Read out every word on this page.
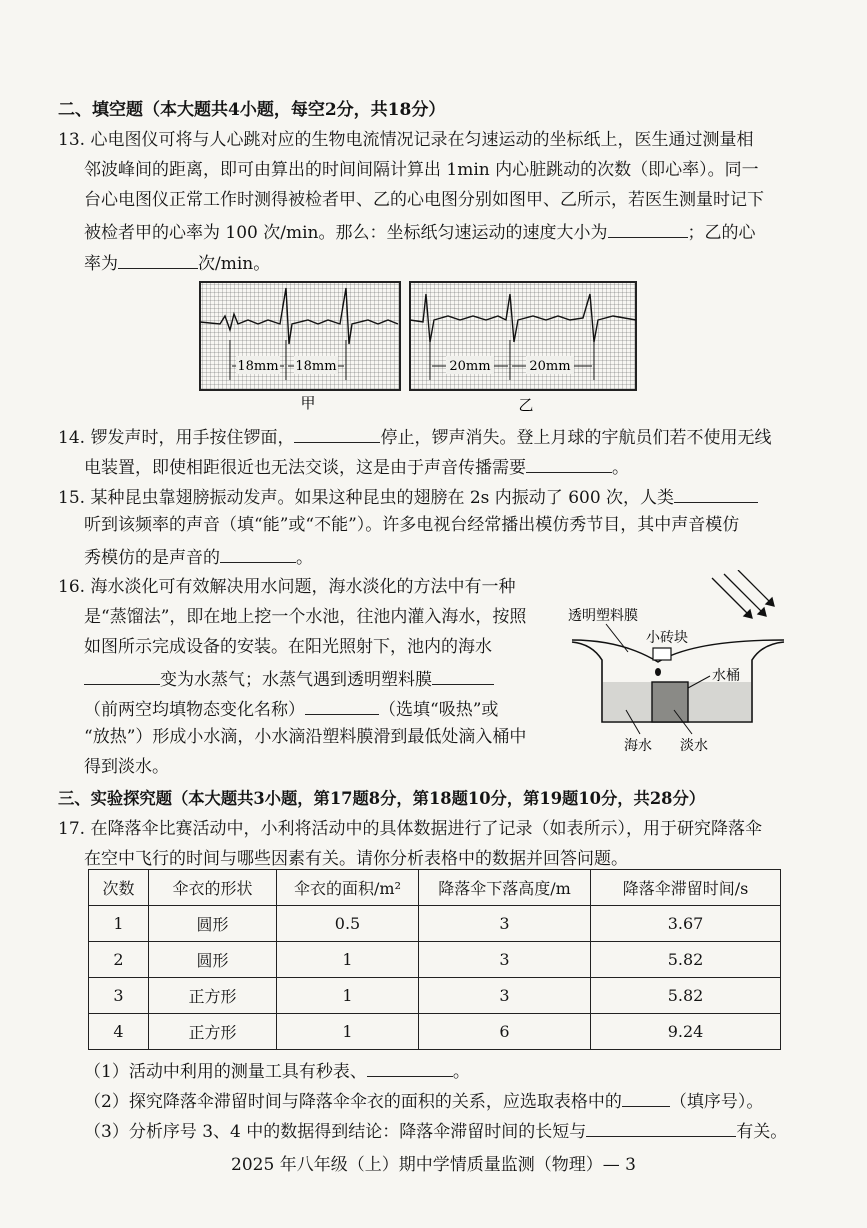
二、填空题（本大题共4小题，每空2分，共18分）
13. 心电图仪可将与人心跳对应的生物电流情况记录在匀速运动的坐标纸上，医生通过测量相
邻波峰间的距离，即可由算出的时间间隔计算出 1min 内心脏跳动的次数（即心率）。同一
台心电图仪正常工作时测得被检者甲、乙的心电图分别如图甲、乙所示，若医生测量时记下
被检者甲的心率为 100 次/min。那么：坐标纸匀速运动的速度大小为	；乙的心
率为	次/min。
18mm 18mm
甲
20mm	20mm
乙
14. 锣发声时，用手按住锣面，	停止，锣声消失。登上月球的宇航员们若不使用无线
电装置，即使相距很近也无法交谈，这是由于声音传播需要	。
15. 某种昆虫靠翅膀振动发声。如果这种昆虫的翅膀在 2s 内振动了 600 次，人类
听到该频率的声音（填“能”或“不能”）。许多电视台经常播出模仿秀节目，其中声音模仿
秀模仿的是声音的	。
16. 海水淡化可有效解决用水问题，海水淡化的方法中有一种
是“蒸馏法”，即在地上挖一个水池，往池内灌入海水，按照
如图所示完成设备的安装。在阳光照射下，池内的海水
变为水蒸气；水蒸气遇到透明塑料膜
（前两空均填物态变化名称）	（选填“吸热”或
“放热”）形成小水滴，小水滴沿塑料膜滑到最低处滴入桶中
得到淡水。
透明塑料膜
小砖块
水桶
海水 淡水
三、实验探究题（本大题共3小题，第17题8分，第18题10分，第19题10分，共28分）
17. 在降落伞比赛活动中，小利将活动中的具体数据进行了记录（如表所示），用于研究降落伞
在空中飞行的时间与哪些因素有关。请你分析表格中的数据并回答问题。
次数	伞衣的形状	伞衣的面积/m²	降落伞下落高度/m	降落伞滞留时间/s
1	圆形	0.5	3	3.67
2	圆形	1	3	5.82
3	正方形	1	3	5.82
4	正方形	1	6	9.24
（1）活动中利用的测量工具有秒表、	。
（2）探究降落伞滞留时间与降落伞伞衣的面积的关系，应选取表格中的	（填序号）。
（3）分析序号 3、4 中的数据得到结论：降落伞滞留时间的长短与	有关。
2025 年八年级（上）期中学情质量监测（物理）— 3
